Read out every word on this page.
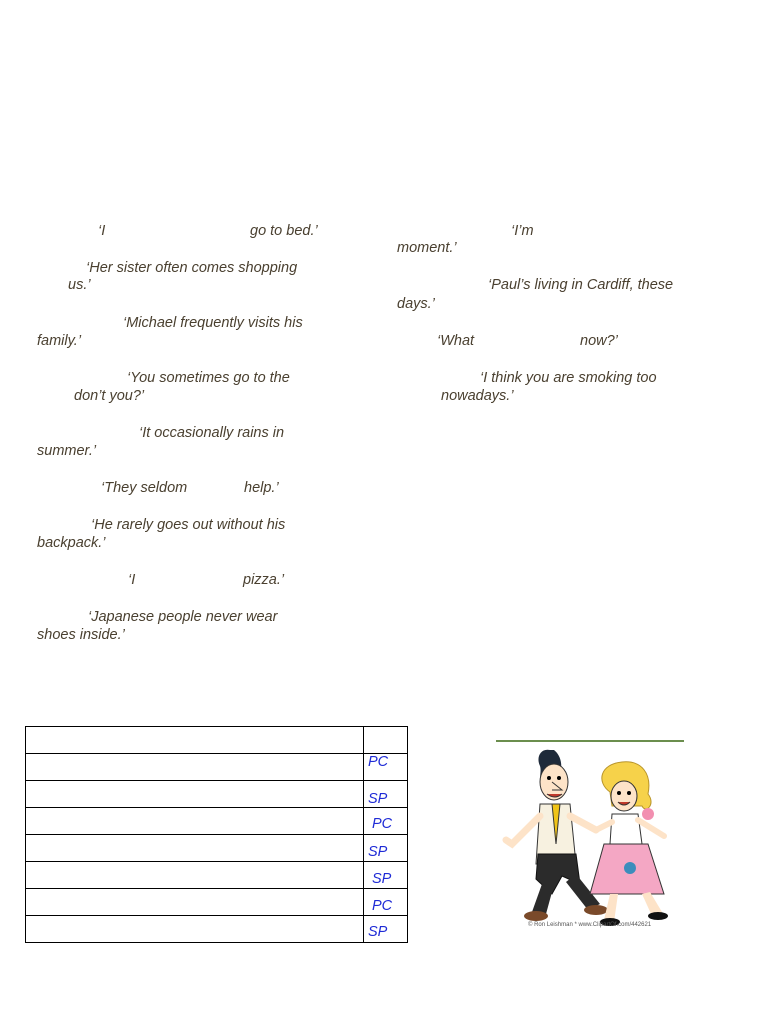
‘I	go to bed.’

‘Her sister often comes shopping

us.’

‘Michael frequently visits his

family.’

‘You sometimes go to the

don’t you?’

‘It occasionally rains in

summer.’

‘They seldom	help.’

‘He rarely goes out without his

backpack.’

‘I	pizza.’

‘Japanese people never wear

shoes inside.’

‘I’m

moment.’

‘Paul’s living in Cardiff, these

days.’

‘What	now?’

‘I think you are smoking too

nowadays.’

	PC

	SP

	PC

	SP

	SP

	PC

	SP	© Ron Leishman * www.ClipartOf.com/442621
